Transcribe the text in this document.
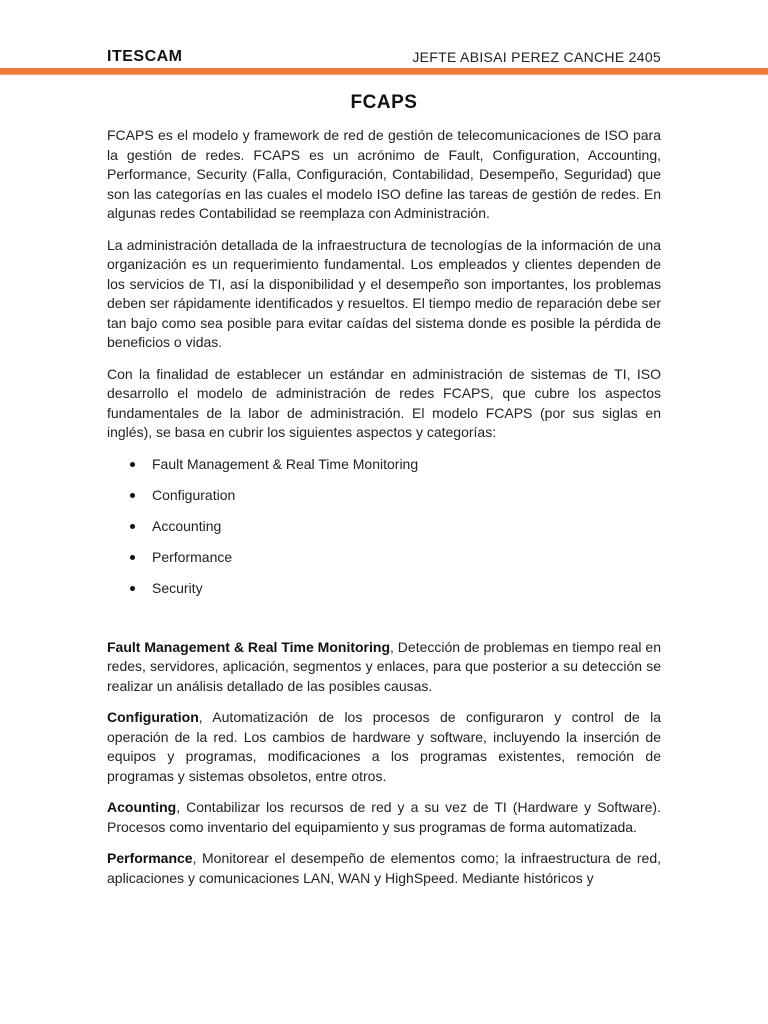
ITESCAM	JEFTE ABISAI PEREZ CANCHE 2405
FCAPS

FCAPS es el modelo y framework de red de gestión de telecomunicaciones de ISO para la gestión de redes. FCAPS es un acrónimo de Fault, Configuration, Accounting, Performance, Security (Falla, Configuración, Contabilidad, Desempeño, Seguridad) que son las categorías en las cuales el modelo ISO define las tareas de gestión de redes. En algunas redes Contabilidad se reemplaza con Administración.

La administración detallada de la infraestructura de tecnologías de la información de una organización es un requerimiento fundamental. Los empleados y clientes dependen de los servicios de TI, así la disponibilidad y el desempeño son importantes, los problemas deben ser rápidamente identificados y resueltos. El tiempo medio de reparación debe ser tan bajo como sea posible para evitar caídas del sistema donde es posible la pérdida de beneficios o vidas.

Con la finalidad de establecer un estándar en administración de sistemas de TI, ISO desarrollo el modelo de administración de redes FCAPS, que cubre los aspectos fundamentales de la labor de administración. El modelo FCAPS (por sus siglas en inglés), se basa en cubrir los siguientes aspectos y categorías:

Fault Management & Real Time Monitoring
Configuration
Accounting
Performance
Security

Fault Management & Real Time Monitoring, Detección de problemas en tiempo real en redes, servidores, aplicación, segmentos y enlaces, para que posterior a su detección se realizar un análisis detallado de las posibles causas.

Configuration, Automatización de los procesos de configuraron y control de la operación de la red. Los cambios de hardware y software, incluyendo la inserción de equipos y programas, modificaciones a los programas existentes, remoción de programas y sistemas obsoletos, entre otros.

Acounting, Contabilizar los recursos de red y a su vez de TI (Hardware y Software). Procesos como inventario del equipamiento y sus programas de forma automatizada.

Performance, Monitorear el desempeño de elementos como; la infraestructura de red, aplicaciones y comunicaciones LAN, WAN y HighSpeed. Mediante históricos y
